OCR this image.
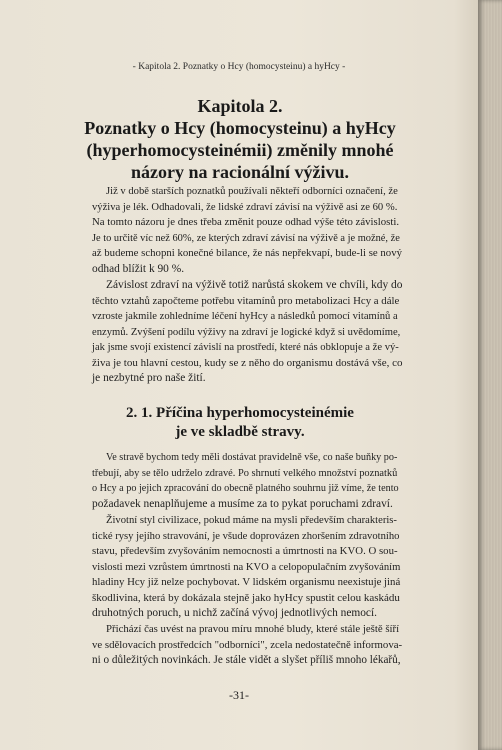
- Kapitola 2. Poznatky o Hcy (homocysteinu) a hyHcy -
Kapitola 2.
Poznatky o Hcy (homocysteinu) a hyHcy
(hyperhomocysteinémii) změnily mnohé
názory na racionální výživu.
Již v době starších poznatků používali někteří odborníci označení, že
výživa je lék. Odhadovali, že lidské zdraví závisí na výživě asi ze 60 %.
Na tomto názoru je dnes třeba změnit pouze odhad výše této závislosti.
Je to určitě víc než 60%, ze kterých zdraví závisí na výživě a je možné, že
až budeme schopni konečné bilance, že nás nepřekvapí, bude-li se nový
odhad blížit k 90 %.
Závislost zdraví na výživě totiž narůstá skokem ve chvíli, kdy do
těchto vztahů započteme potřebu vitamínů pro metabolizaci Hcy a dále
vzroste jakmile zohledníme léčení hyHcy a následků pomocí vitamínů a
enzymů. Zvýšení podílu výživy na zdraví je logické když si uvědomíme,
jak jsme svojí existencí závislí na prostředí, které nás obklopuje a že vý-
živa je tou hlavní cestou, kudy se z něho do organismu dostává vše, co
je nezbytné pro naše žití.
2. 1. Příčina hyperhomocysteinémie
je ve skladbě stravy.
Ve stravě bychom tedy měli dostávat pravidelně vše, co naše buňky po-
třebují, aby se tělo udrželo zdravé. Po shrnutí velkého množství poznatků
o Hcy a po jejich zpracování do obecně platného souhrnu již víme, že tento
požadavek nenaplňujeme a musíme za to pykat poruchami zdraví.
Životní styl civilizace, pokud máme na mysli především charakteris-
tické rysy jejího stravování, je všude doprovázen zhoršením zdravotního
stavu, především zvyšováním nemocnosti a úmrtnosti na KVO. O sou-
vislosti mezi vzrůstem úmrtnosti na KVO a celopopulačním zvyšováním
hladiny Hcy již nelze pochybovat. V lidském organismu neexistuje jiná
škodlivina, která by dokázala stejně jako hyHcy spustit celou kaskádu
druhotných poruch, u nichž začíná vývoj jednotlivých nemocí.
Přichází čas uvést na pravou míru mnohé bludy, které stále ještě šíří
ve sdělovacích prostředcích "odborníci", zcela nedostatečně informova-
ni o důležitých novinkách. Je stále vidět a slyšet příliš mnoho lékařů,
-31-
